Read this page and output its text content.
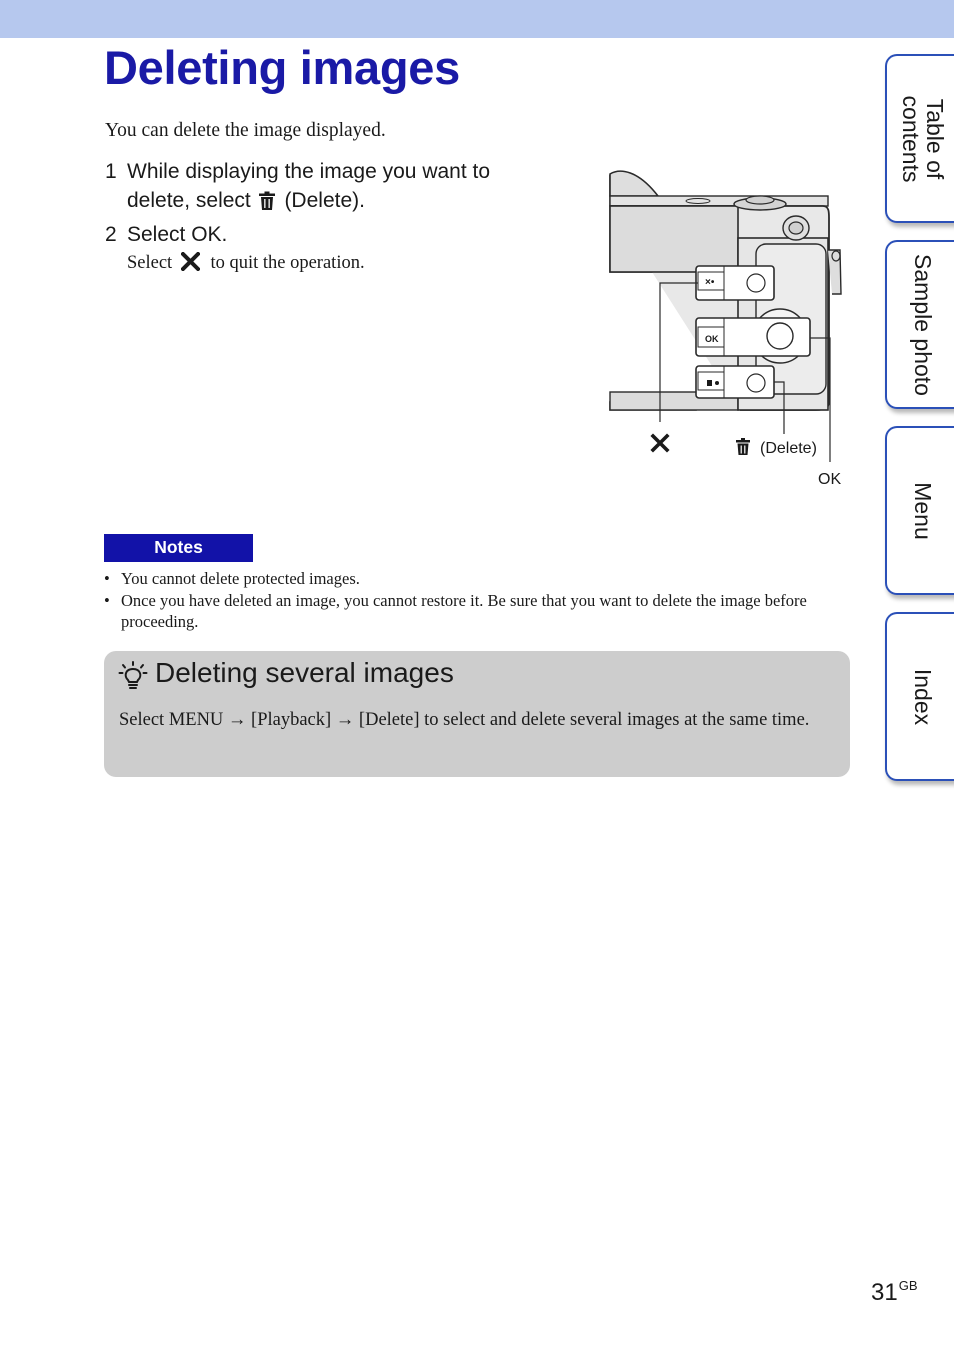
Deleting images
You can delete the image displayed.
1 While displaying the image you want to
delete, select (Delete).
2 Select OK.
Select to quit the operation.
×•
OK
(Delete)
OK
Notes

• You cannot delete protected images.

• Once you have deleted an image, you cannot restore it. Be sure that you want to delete the image before proceeding.

Deleting several images
Select MENU → [Playback] → [Delete] to select and delete several images at the same time.
Table of
contents
Sample photo
Menu
Index
$31^{GB}$
